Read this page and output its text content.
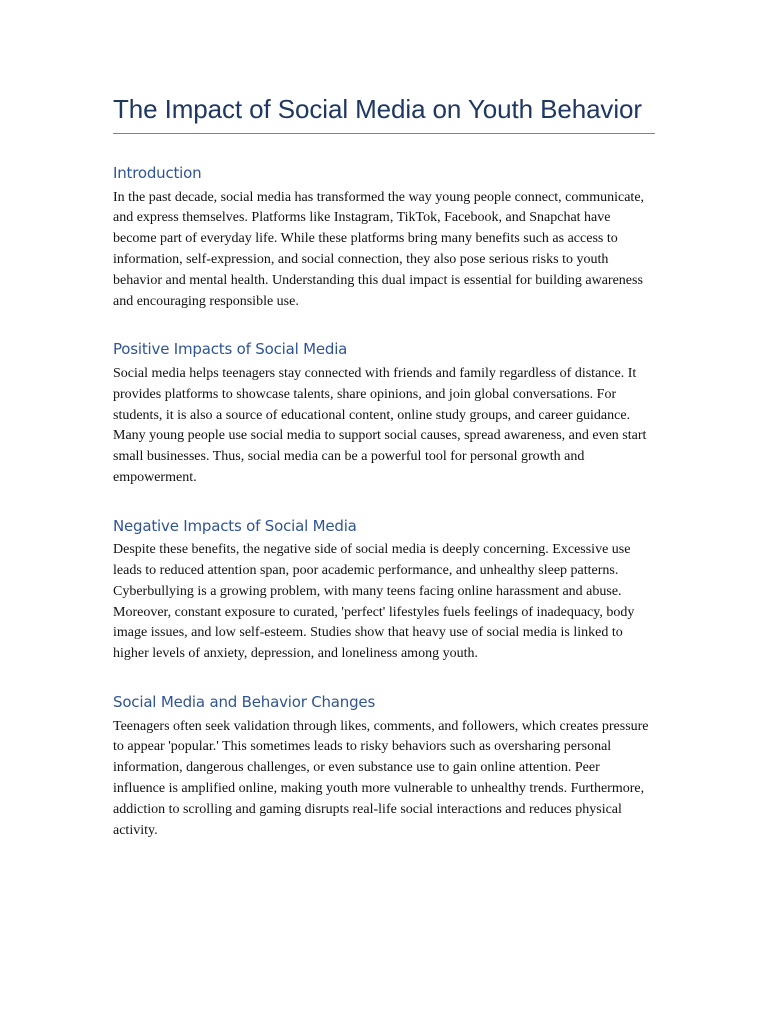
The Impact of Social Media on Youth Behavior
Introduction

In the past decade, social media has transformed the way young people connect, communicate, and express themselves. Platforms like Instagram, TikTok, Facebook, and Snapchat have become part of everyday life. While these platforms bring many benefits such as access to information, self-expression, and social connection, they also pose serious risks to youth behavior and mental health. Understanding this dual impact is essential for building awareness and encouraging responsible use.

Positive Impacts of Social Media

Social media helps teenagers stay connected with friends and family regardless of distance. It provides platforms to showcase talents, share opinions, and join global conversations. For students, it is also a source of educational content, online study groups, and career guidance. Many young people use social media to support social causes, spread awareness, and even start small businesses. Thus, social media can be a powerful tool for personal growth and empowerment.

Negative Impacts of Social Media

Despite these benefits, the negative side of social media is deeply concerning. Excessive use leads to reduced attention span, poor academic performance, and unhealthy sleep patterns. Cyberbullying is a growing problem, with many teens facing online harassment and abuse. Moreover, constant exposure to curated, 'perfect' lifestyles fuels feelings of inadequacy, body image issues, and low self-esteem. Studies show that heavy use of social media is linked to higher levels of anxiety, depression, and loneliness among youth.

Social Media and Behavior Changes

Teenagers often seek validation through likes, comments, and followers, which creates pressure to appear 'popular.' This sometimes leads to risky behaviors such as oversharing personal information, dangerous challenges, or even substance use to gain online attention. Peer influence is amplified online, making youth more vulnerable to unhealthy trends. Furthermore, addiction to scrolling and gaming disrupts real-life social interactions and reduces physical activity.
